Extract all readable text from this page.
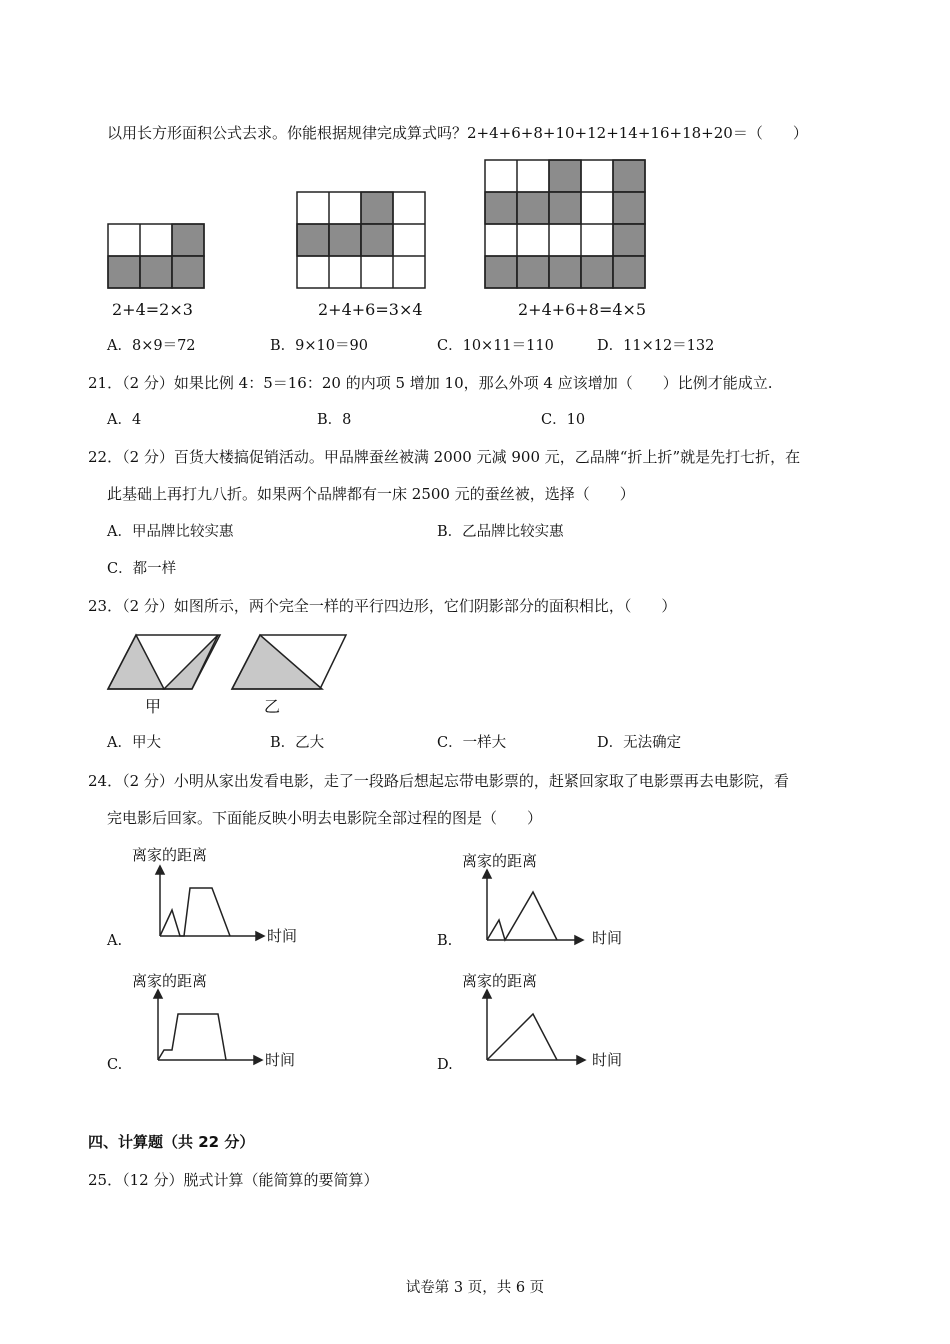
以用长方形面积公式去求。你能根据规律完成算式吗？2+4+6+8+10+12+14+16+18+20＝（　　）
2+4=2×3	2+4+6=3×4	2+4+6+8=4×5
A．8×9＝72	B．9×10＝90	C．10×11＝110	D．11×12＝132
21．（2 分）如果比例 4：5＝16：20 的内项 5 增加 10，那么外项 4 应该增加（　　）比例才能成立.
A．4	B．8	C．10
22．（2 分）百货大楼搞促销活动。甲品牌蚕丝被满 2000 元减 900 元，乙品牌“折上折”就是先打七折，在
此基础上再打九八折。如果两个品牌都有一床 2500 元的蚕丝被，选择（　　）
A．甲品牌比较实惠	B．乙品牌比较实惠
C．都一样
23．（2 分）如图所示，两个完全一样的平行四边形，它们阴影部分的面积相比，（　　）
甲	乙
A．甲大	B．乙大	C．一样大	D．无法确定
24．（2 分）小明从家出发看电影，走了一段路后想起忘带电影票的，赶紧回家取了电影票再去电影院，看
完电影后回家。下面能反映小明去电影院全部过程的图是（　　）
离家的距离
时间
A.
离家的距离
时间
B.
离家的距离
时间
C.
离家的距离
时间
D.
四、计算题（共 22 分）
25．（12 分）脱式计算（能简算的要简算）
试卷第 3 页，共 6 页
